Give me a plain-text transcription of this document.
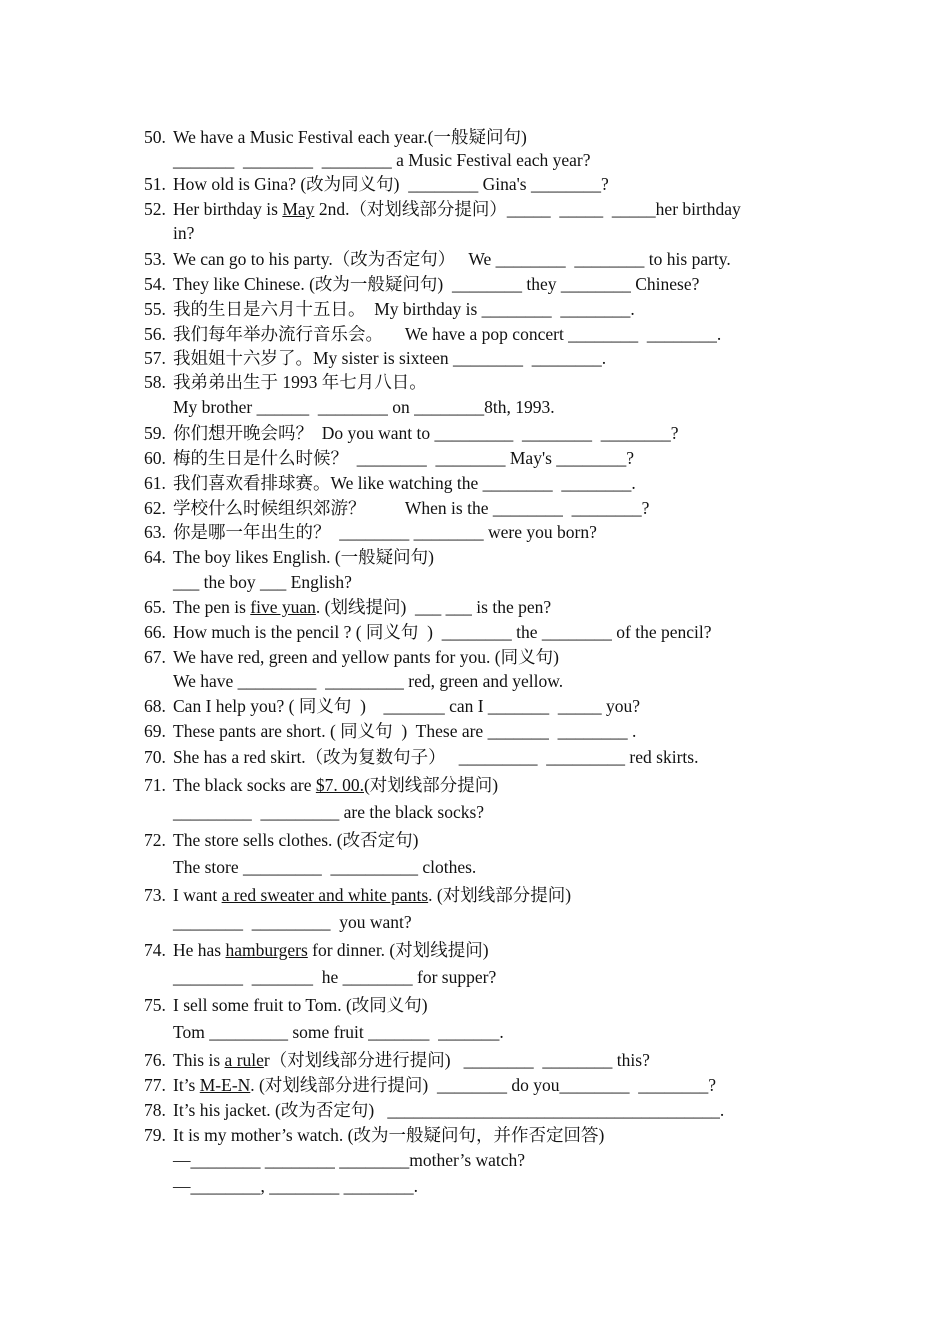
50. We have a Music Festival each year.(一般疑问句)
_______  ________  ________ a Music Festival each year?
51. How old is Gina? (改为同义句)  ________ Gina's ________?
52. Her birthday is May 2nd.（对划线部分提问）_____  _____  _____her birthday
in?
53. We can go to his party.（改为否定句）   We ________  ________ to his party.
54. They like Chinese. (改为一般疑问句)  ________ they ________ Chinese?
55. 我的生日是六月十五日。  My birthday is ________  ________.
56. 我们每年举办流行音乐会。     We have a pop concert ________  ________.
57. 我姐姐十六岁了。My sister is sixteen ________  ________.
58. 我弟弟出生于 1993 年七月八日。
My brother ______  ________ on ________8th, 1993.
59. 你们想开晚会吗？  Do you want to _________  ________  ________?
60. 梅的生日是什么时候？  ________  ________ May's ________?
61. 我们喜欢看排球赛。We like watching the ________  ________.
62. 学校什么时候组织郊游？         When is the ________  ________?
63. 你是哪一年出生的？  ________ ________ were you born?
64. The boy likes English. (一般疑问句)
___ the boy ___ English?
65. The pen is five yuan. (划线提问)  ___ ___ is the pen?
66. How much is the pencil ? ( 同义句  )  ________ the ________ of the pencil?
67. We have red, green and yellow pants for you. (同义句)
We have _________  _________ red, green and yellow.
68. Can I help you? ( 同义句  )    _______ can I _______  _____ you?
69. These pants are short. ( 同义句  )  These are _______  ________ .
70. She has a red skirt.（改为复数句子）   _________  _________ red skirts.
71. The black socks are $7. 00.(对划线部分提问)
_________  _________ are the black socks?
72. The store sells clothes. (改否定句)
The store _________  __________ clothes.
73. I want a red sweater and white pants. (对划线部分提问)
________  _________  you want?
74. He has hamburgers for dinner. (对划线提问)
________  _______  he ________ for supper?
75. I sell some fruit to Tom. (改同义句)
Tom _________ some fruit _______  _______.
76. This is a ruler（对划线部分进行提问)   ________  ________ this?
77. It’s M-E-N. (对划线部分进行提问)  ________ do you________  ________?
78. It’s his jacket. (改为否定句)   ______________________________________.
79. It is my mother’s watch. (改为一般疑问句，并作否定回答)
—________ ________ ________mother’s watch?
—________, ________ ________.
